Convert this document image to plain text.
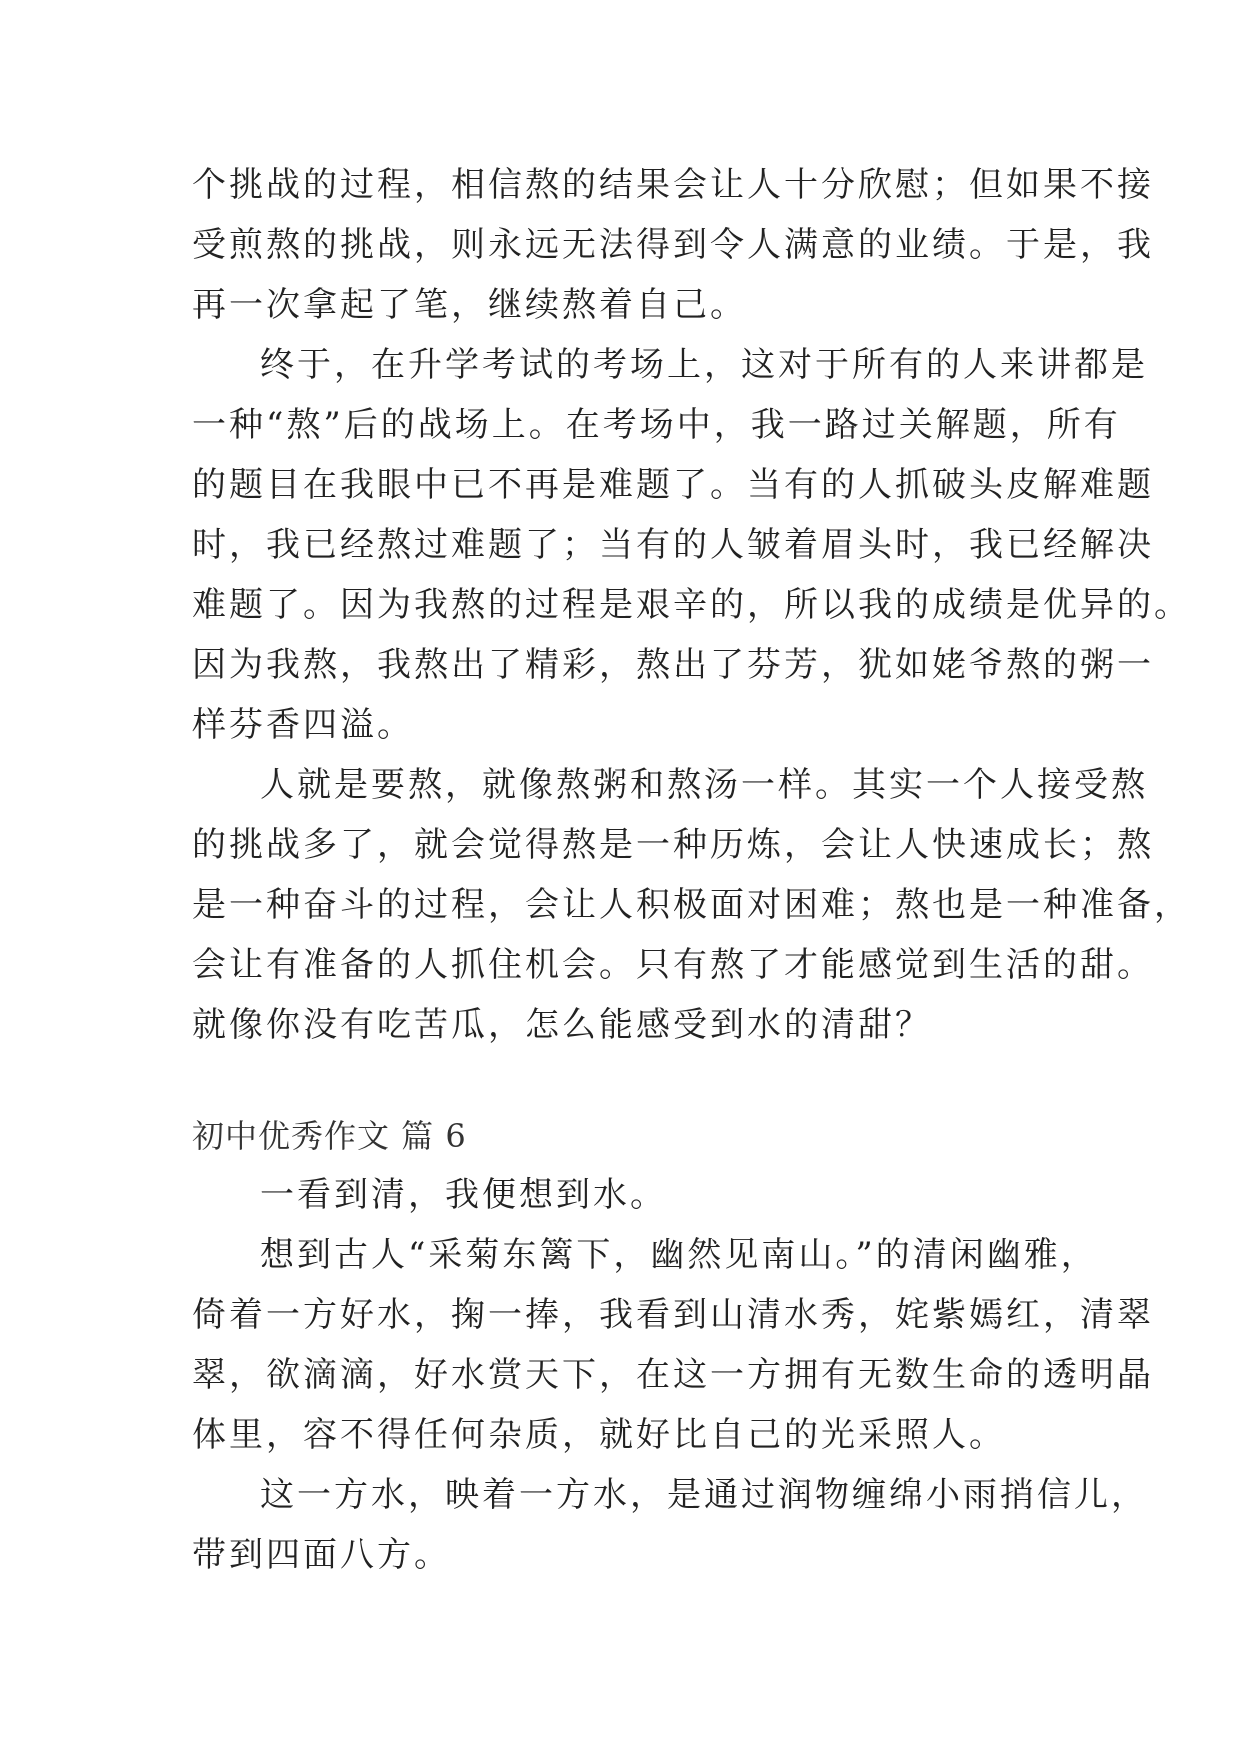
个挑战的过程，相信熬的结果会让人十分欣慰；但如果不接

受煎熬的挑战，则永远无法得到令人满意的业绩。于是，我

再一次拿起了笔，继续熬着自己。

终于，在升学考试的考场上，这对于所有的人来讲都是

一种“熬”后的战场上。在考场中，我一路过关解题，所有

的题目在我眼中已不再是难题了。当有的人抓破头皮解难题

时，我已经熬过难题了；当有的人皱着眉头时，我已经解决

难题了。因为我熬的过程是艰辛的，所以我的成绩是优异的。

因为我熬，我熬出了精彩，熬出了芬芳，犹如姥爷熬的粥一

样芬香四溢。

人就是要熬，就像熬粥和熬汤一样。其实一个人接受熬

的挑战多了，就会觉得熬是一种历炼，会让人快速成长；熬

是一种奋斗的过程，会让人积极面对困难；熬也是一种准备，

会让有准备的人抓住机会。只有熬了才能感觉到生活的甜。

就像你没有吃苦瓜，怎么能感受到水的清甜？

初中优秀作文 篇 6

一看到清，我便想到水。

想到古人“采菊东篱下，幽然见南山。”的清闲幽雅，

倚着一方好水，掬一捧，我看到山清水秀，姹紫嫣红，清翠

翠，欲滴滴，好水赏天下，在这一方拥有无数生命的透明晶

体里，容不得任何杂质，就好比自己的光采照人。

这一方水，映着一方水，是通过润物缠绵小雨捎信儿，

带到四面八方。
